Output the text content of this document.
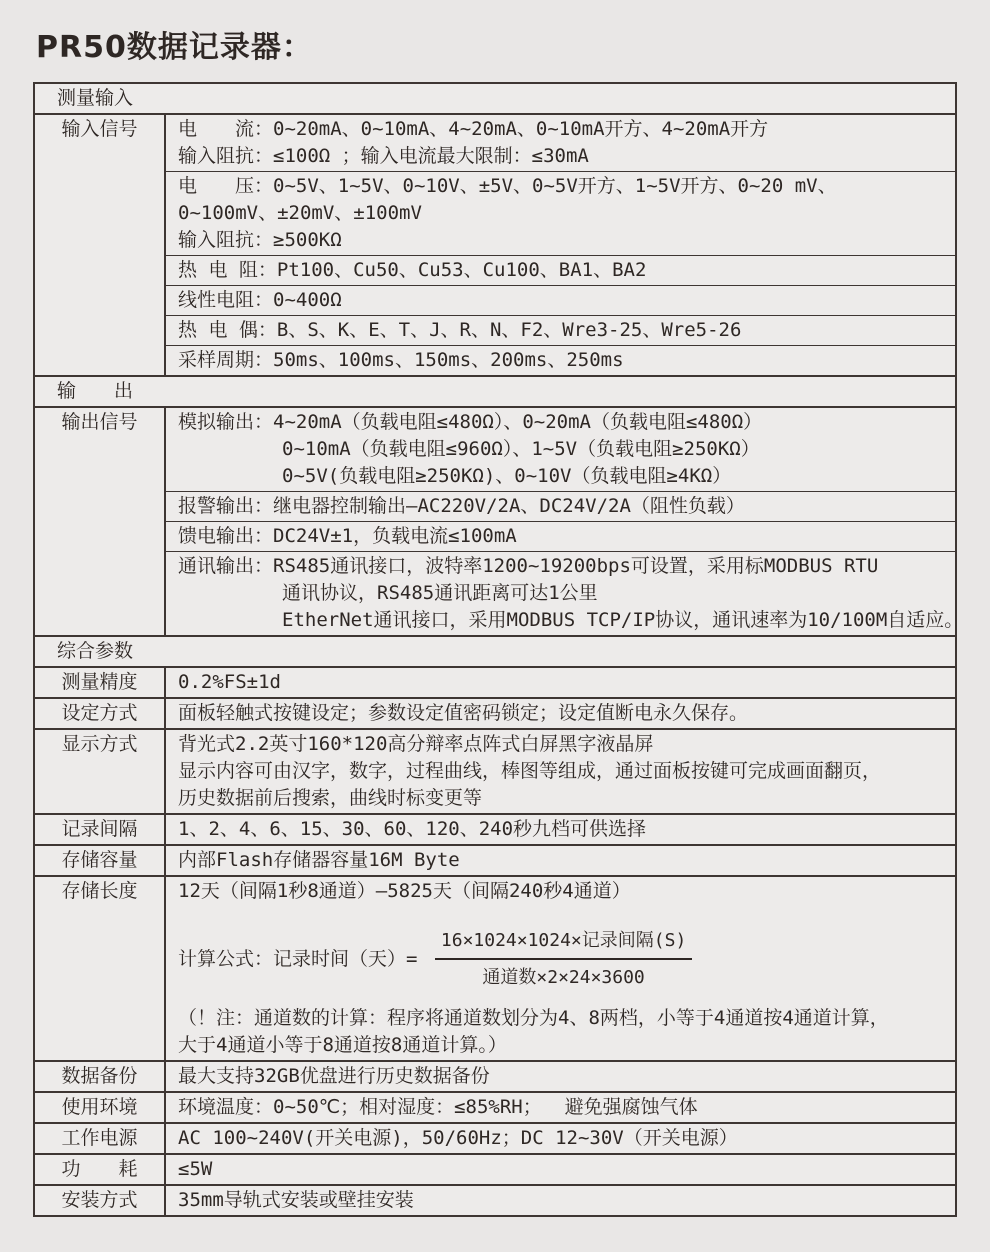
PR50数据记录器：
测量输入
输入信号	电　　流：0~20mA、0~10mA、4~20mA、0~10mA开方、4~20mA开方
输入阻抗：≤100Ω ；输入电流最大限制：≤30mA
电　　压：0~5V、1~5V、0~10V、±5V、0~5V开方、1~5V开方、0~20 mV、
0~100mV、±20mV、±100mV
输入阻抗：≥500KΩ
热 电 阻：Pt100、Cu50、Cu53、Cu100、BA1、BA2
线性电阻：0~400Ω
热 电 偶：B、S、K、E、T、J、R、N、F2、Wre3-25、Wre5-26
采样周期：50ms、100ms、150ms、200ms、250ms
输　　出
输出信号	模拟输出：4~20mA（负载电阻≤480Ω）、0~20mA（负载电阻≤480Ω）
0~10mA（负载电阻≤960Ω）、1~5V（负载电阻≥250KΩ）
0~5V(负载电阻≥250KΩ)、0~10V（负载电阻≥4KΩ）
报警输出：继电器控制输出—AC220V/2A、DC24V/2A（阻性负载）
馈电输出：DC24V±1，负载电流≤100mA
通讯输出：RS485通讯接口，波特率1200~19200bps可设置，采用标MODBUS RTU
通讯协议，RS485通讯距离可达1公里
EtherNet通讯接口，采用MODBUS TCP/IP协议，通讯速率为10/100M自适应。
综合参数
测量精度	0.2%FS±1d
设定方式	面板轻触式按键设定；参数设定值密码锁定；设定值断电永久保存。
显示方式	背光式2.2英寸160*120高分辩率点阵式白屏黑字液晶屏
显示内容可由汉字，数字，过程曲线，棒图等组成，通过面板按键可完成画面翻页，
历史数据前后搜索，曲线时标变更等
记录间隔	1、2、4、6、15、30、60、120、240秒九档可供选择
存储容量	内部Flash存储器容量16M Byte
存储长度	12天（间隔1秒8通道）—5825天（间隔240秒4通道）
计算公式：记录时间（天）= $\frac{\text{16×1024×1024×记录间隔(S)}}{\text{通道数×2×24×3600}}$
（！注：通道数的计算：程序将通道数划分为4、8两档，小等于4通道按4通道计算，
大于4通道小等于8通道按8通道计算。）
数据备份	最大支持32GB优盘进行历史数据备份
使用环境	环境温度：0~50℃；相对湿度：≤85%RH；  避免强腐蚀气体
工作电源	AC 100~240V(开关电源)，50/60Hz；DC 12~30V（开关电源）
功　　耗	≤5W
安装方式	35mm导轨式安装或壁挂安装
